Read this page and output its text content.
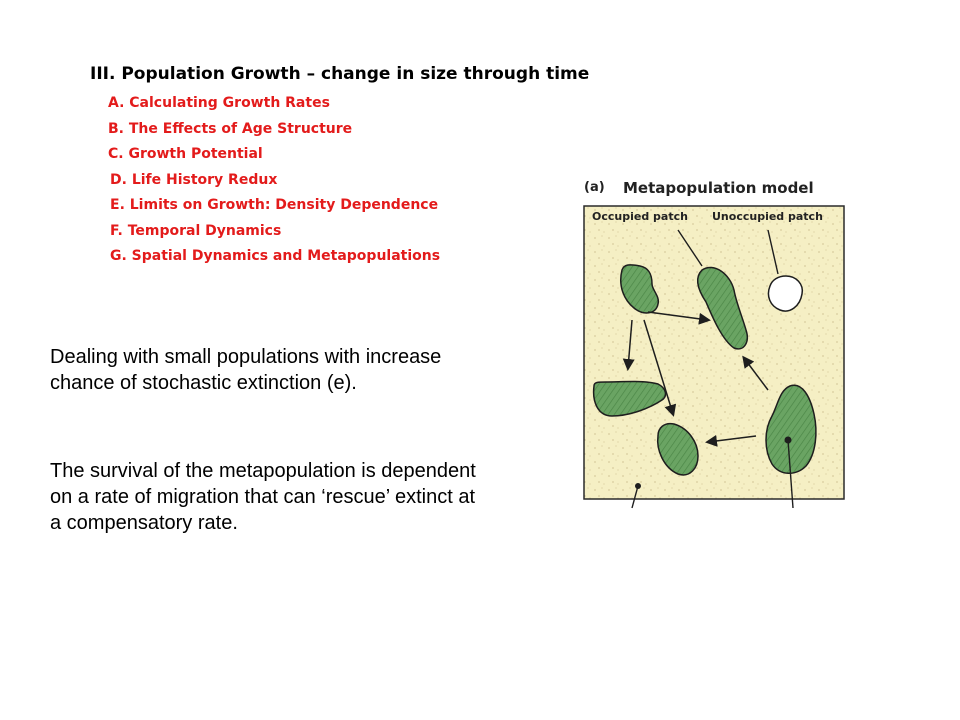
III. Population Growth – change in size through time
A. Calculating Growth Rates
B. The Effects of Age Structure
C. Growth Potential
D. Life History Redux
E. Limits on Growth: Density Dependence
F. Temporal Dynamics
G. Spatial Dynamics and Metapopulations
Dealing with small populations with increase chance of stochastic extinction (e).
The survival of the metapopulation is dependent on a rate of migration that can ‘rescue’ extinct at a compensatory rate.
(a) Metapopulation model
Occupied patch Unoccupied patch
